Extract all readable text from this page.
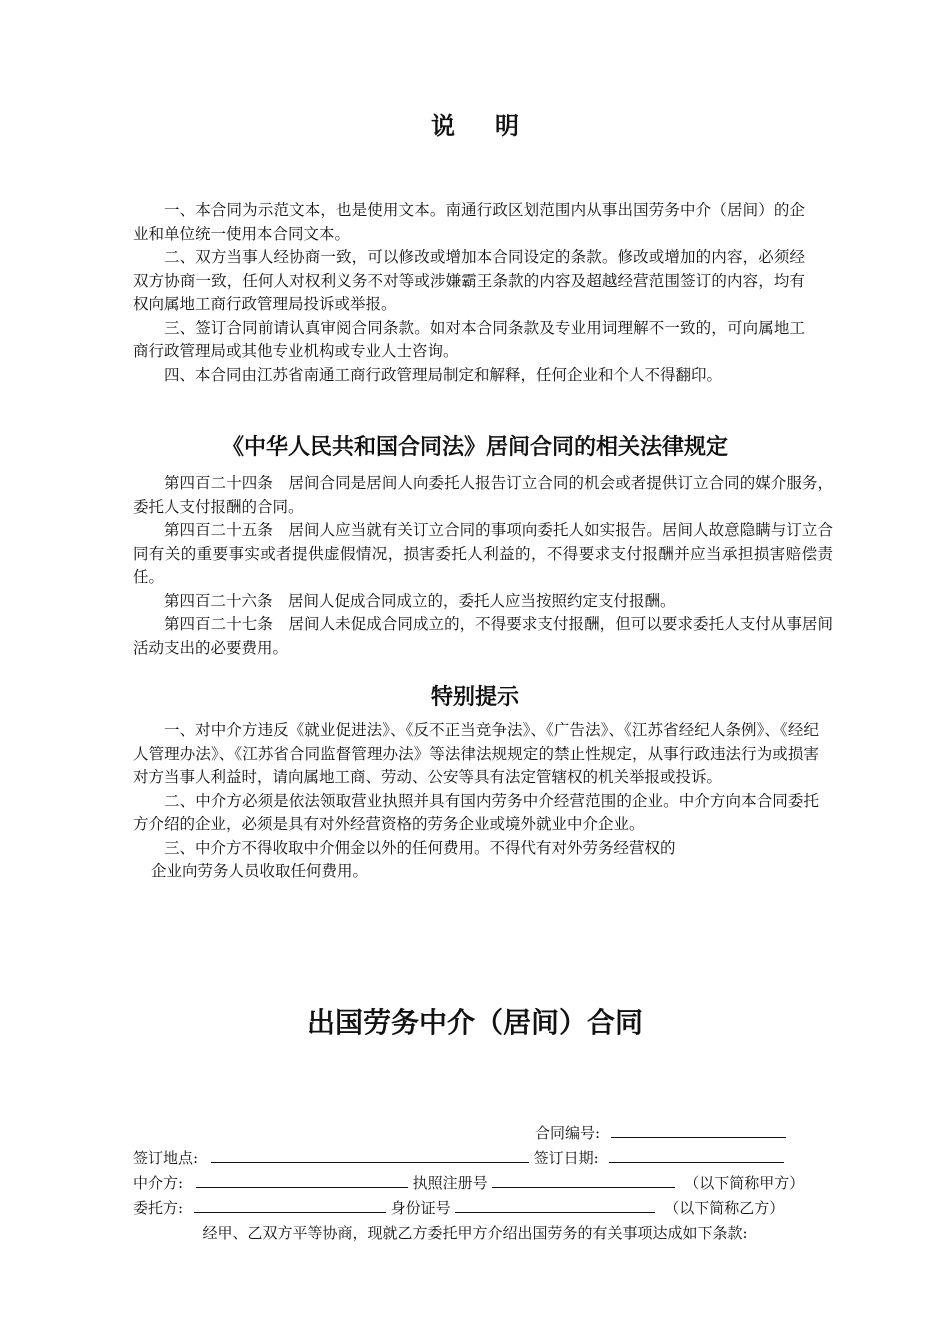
说明

一、本合同为示范文本，也是使用文本。南通行政区划范围内从事出国劳务中介（居间）的企业和单位统一使用本合同文本。

二、双方当事人经协商一致，可以修改或增加本合同设定的条款。修改或增加的内容，必须经双方协商一致，任何人对权利义务不对等或涉嫌霸王条款的内容及超越经营范围签订的内容，均有权向属地工商行政管理局投诉或举报。

三、签订合同前请认真审阅合同条款。如对本合同条款及专业用词理解不一致的，可向属地工商行政管理局或其他专业机构或专业人士咨询。

四、本合同由江苏省南通工商行政管理局制定和解释，任何企业和个人不得翻印。

《中华人民共和国合同法》居间合同的相关法律规定

第四百二十四条　居间合同是居间人向委托人报告订立合同的机会或者提供订立合同的媒介服务，委托人支付报酬的合同。

第四百二十五条　居间人应当就有关订立合同的事项向委托人如实报告。居间人故意隐瞒与订立合同有关的重要事实或者提供虚假情况，损害委托人利益的，不得要求支付报酬并应当承担损害赔偿责任。

第四百二十六条　居间人促成合同成立的，委托人应当按照约定支付报酬。

第四百二十七条　居间人未促成合同成立的，不得要求支付报酬，但可以要求委托人支付从事居间活动支出的必要费用。

特别提示

一、对中介方违反《就业促进法》、《反不正当竞争法》、《广告法》、《江苏省经纪人条例》、《经纪人管理办法》、《江苏省合同监督管理办法》等法律法规规定的禁止性规定，从事行政违法行为或损害对方当事人利益时，请向属地工商、劳动、公安等具有法定管辖权的机关举报或投诉。

二、中介方必须是依法领取营业执照并具有国内劳务中介经营范围的企业。中介方向本合同委托方介绍的企业，必须是具有对外经营资格的劳务企业或境外就业中介企业。

三、中介方不得收取中介佣金以外的任何费用。不得代有对外劳务经营权的

企业向劳务人员收取任何费用。

出国劳务中介（居间）合同
合同编号:
签订地点:	签订日期:
中介方:	执照注册号	（以下简称甲方）
委托方:	身份证号	（以下简称乙方）
经甲、乙双方平等协商，现就乙方委托甲方介绍出国劳务的有关事项达成如下条款:
